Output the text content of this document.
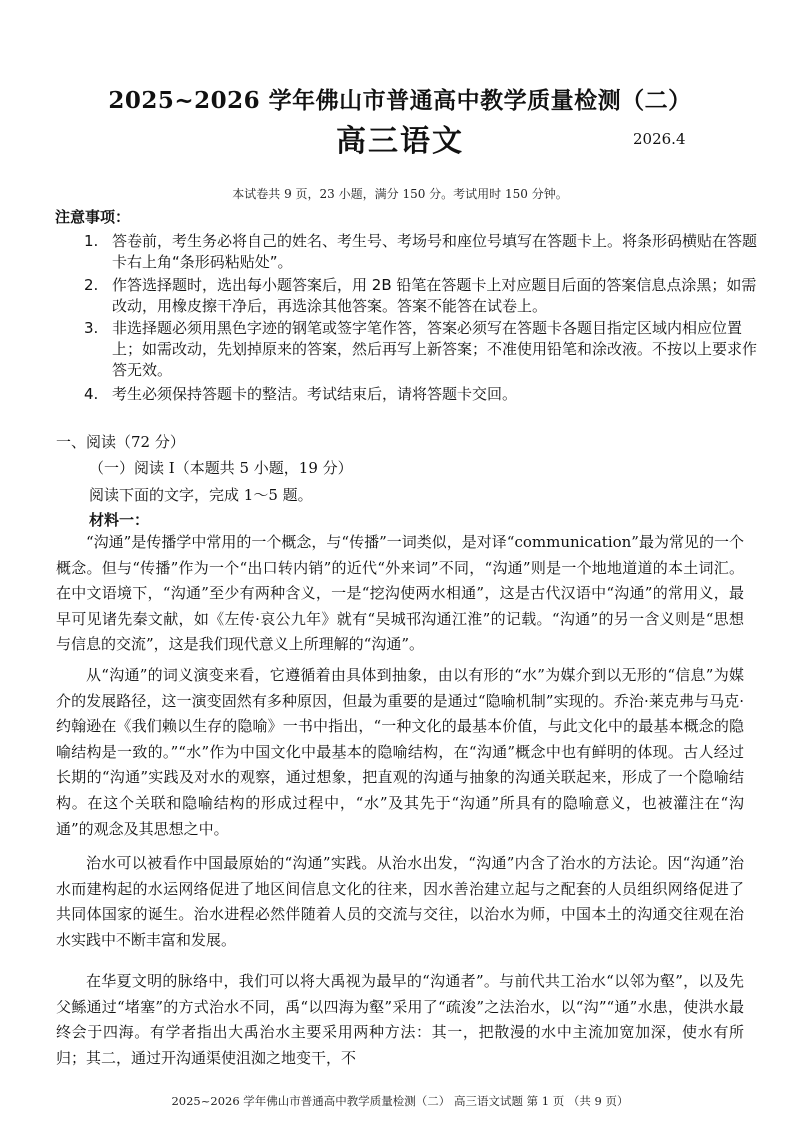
2025~2026 学年佛山市普通高中教学质量检测（二）
高三语文	2026.4
本试卷共 9 页，23 小题，满分 150 分。考试用时 150 分钟。
注意事项：
1. 答卷前，考生务必将自己的姓名、考生号、考场号和座位号填写在答题卡上。将条形码横贴在答题卡右上角“条形码粘贴处”。
2. 作答选择题时，选出每小题答案后，用 2B 铅笔在答题卡上对应题目后面的答案信息点涂黑；如需改动，用橡皮擦干净后，再选涂其他答案。答案不能答在试卷上。
3. 非选择题必须用黑色字迹的钢笔或签字笔作答，答案必须写在答题卡各题目指定区域内相应位置上；如需改动，先划掉原来的答案，然后再写上新答案；不准使用铅笔和涂改液。不按以上要求作答无效。
4. 考生必须保持答题卡的整洁。考试结束后，请将答题卡交回。
一、阅读（72 分）
（一）阅读 I（本题共 5 小题，19 分）
阅读下面的文字，完成 1～5 题。
材料一：

“沟通”是传播学中常用的一个概念，与“传播”一词类似，是对译“communication”最为常见的一个概念。但与“传播”作为一个“出口转内销”的近代“外来词”不同，“沟通”则是一个地地道道的本土词汇。在中文语境下，“沟通”至少有两种含义，一是“挖沟使两水相通”，这是古代汉语中“沟通”的常用义，最早可见诸先秦文献，如《左传·哀公九年》就有“吴城邗沟通江淮”的记载。“沟通”的另一含义则是“思想与信息的交流”，这是我们现代意义上所理解的“沟通”。

从“沟通”的词义演变来看，它遵循着由具体到抽象，由以有形的“水”为媒介到以无形的“信息”为媒介的发展路径，这一演变固然有多种原因，但最为重要的是通过“隐喻机制”实现的。乔治·莱克弗与马克·约翰逊在《我们赖以生存的隐喻》一书中指出，“一种文化的最基本价值，与此文化中的最基本概念的隐喻结构是一致的。”“水”作为中国文化中最基本的隐喻结构，在“沟通”概念中也有鲜明的体现。古人经过长期的“沟通”实践及对水的观察，通过想象，把直观的沟通与抽象的沟通关联起来，形成了一个隐喻结构。在这个关联和隐喻结构的形成过程中，“水”及其先于“沟通”所具有的隐喻意义，也被灌注在“沟通”的观念及其思想之中。

治水可以被看作中国最原始的“沟通”实践。从治水出发，“沟通”内含了治水的方法论。因“沟通”治水而建构起的水运网络促进了地区间信息文化的往来，因水善治建立起与之配套的人员组织网络促进了共同体国家的诞生。治水进程必然伴随着人员的交流与交往，以治水为师，中国本土的沟通交往观在治水实践中不断丰富和发展。

在华夏文明的脉络中，我们可以将大禹视为最早的“沟通者”。与前代共工治水“以邻为壑”，以及先父鲧通过“堵塞”的方式治水不同，禹“以四海为壑”采用了“疏浚”之法治水，以“沟”“通”水患，使洪水最终会于四海。有学者指出大禹治水主要采用两种方法：其一，把散漫的水中主流加宽加深，使水有所归；其二，通过开沟通渠使沮洳之地变干，不

2025~2026 学年佛山市普通高中教学质量检测（二） 高三语文试题 第 1 页 （共 9 页）
